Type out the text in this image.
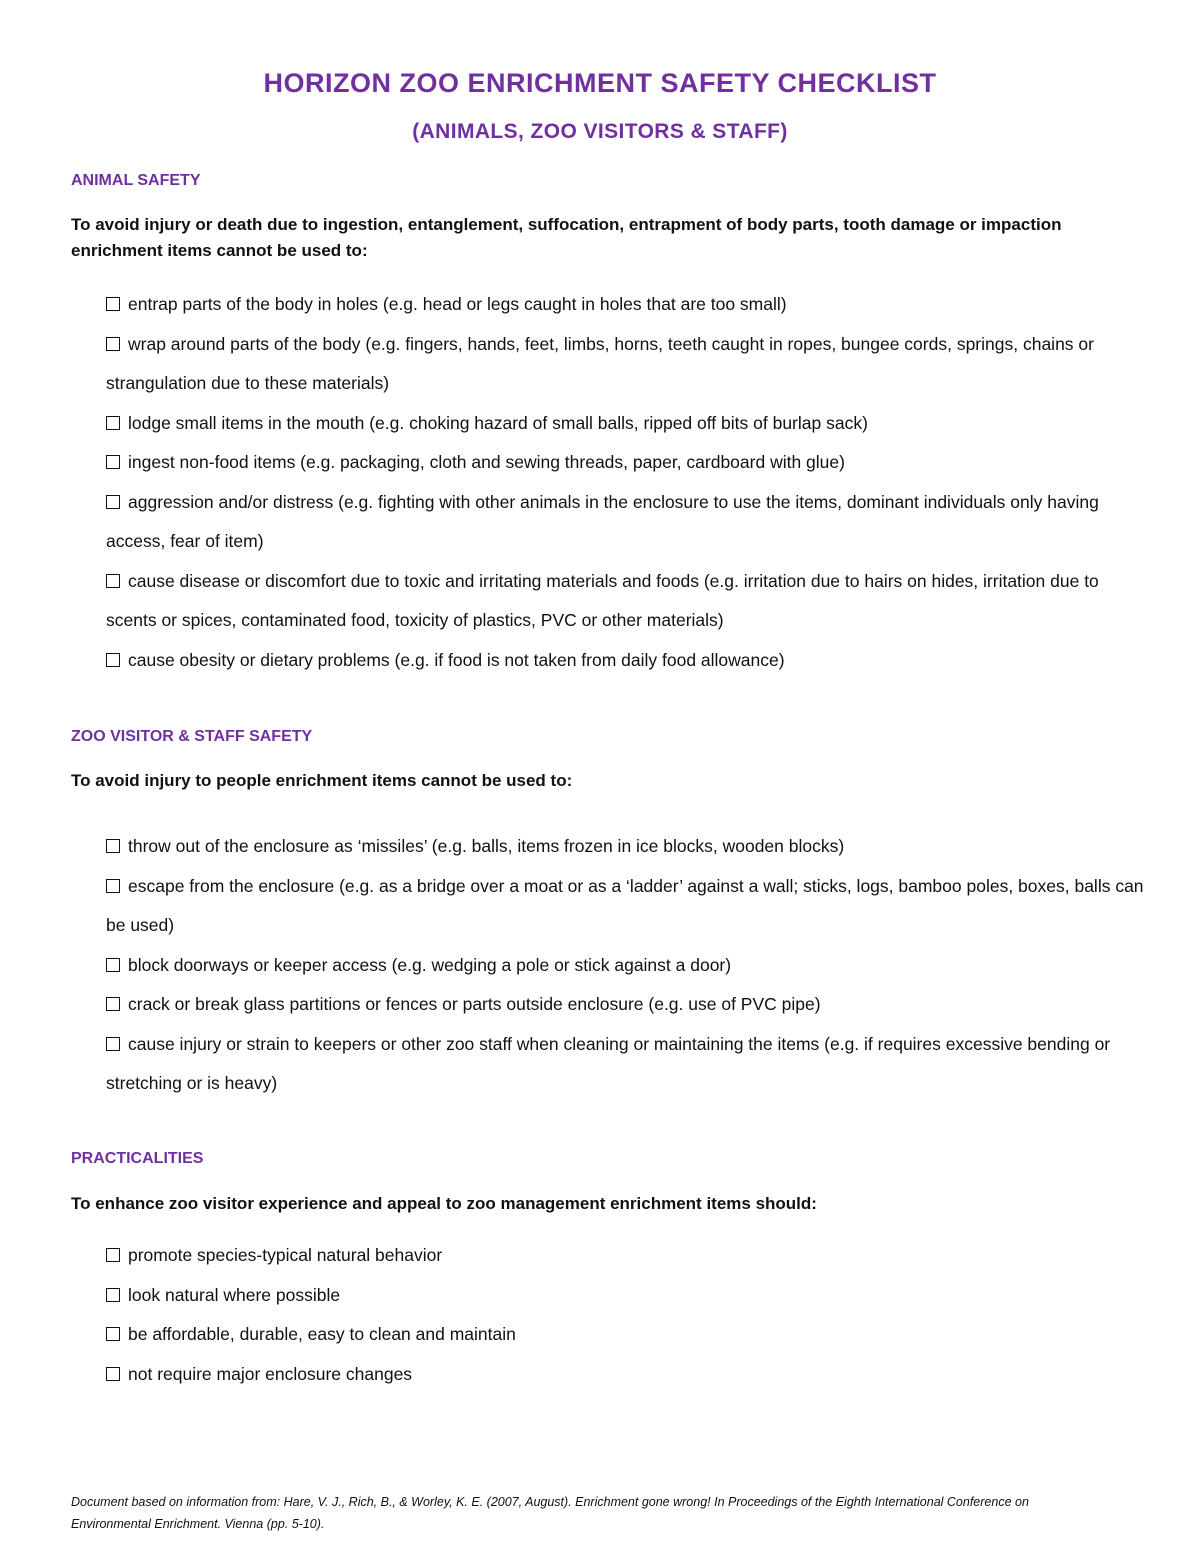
HORIZON ZOO ENRICHMENT SAFETY CHECKLIST
(ANIMALS, ZOO VISITORS & STAFF)
ANIMAL SAFETY
To avoid injury or death due to ingestion, entanglement, suffocation, entrapment of body parts, tooth damage or impaction enrichment items cannot be used to:
entrap parts of the body in holes (e.g. head or legs caught in holes that are too small)
wrap around parts of the body (e.g. fingers, hands, feet, limbs, horns, teeth caught in ropes, bungee cords, springs, chains or strangulation due to these materials)
lodge small items in the mouth (e.g. choking hazard of small balls, ripped off bits of burlap sack)
ingest non-food items (e.g. packaging, cloth and sewing threads, paper, cardboard with glue)
aggression and/or distress (e.g. fighting with other animals in the enclosure to use the items, dominant individuals only having access, fear of item)
cause disease or discomfort due to toxic and irritating materials and foods (e.g. irritation due to hairs on hides, irritation due to scents or spices, contaminated food, toxicity of plastics, PVC or other materials)
cause obesity or dietary problems (e.g. if food is not taken from daily food allowance)
ZOO VISITOR & STAFF SAFETY
To avoid injury to people enrichment items cannot be used to:
throw out of the enclosure as ‘missiles’ (e.g. balls, items frozen in ice blocks, wooden blocks)
escape from the enclosure (e.g. as a bridge over a moat or as a ‘ladder’ against a wall; sticks, logs, bamboo poles, boxes, balls can be used)
block doorways or keeper access (e.g. wedging a pole or stick against a door)
crack or break glass partitions or fences or parts outside enclosure (e.g. use of PVC pipe)
cause injury or strain to keepers or other zoo staff when cleaning or maintaining the items (e.g. if requires excessive bending or stretching or is heavy)
PRACTICALITIES
To enhance zoo visitor experience and appeal to zoo management enrichment items should:
promote species-typical natural behavior
look natural where possible
be affordable, durable, easy to clean and maintain
not require major enclosure changes
Document based on information from: Hare, V. J., Rich, B., & Worley, K. E. (2007, August). Enrichment gone wrong! In Proceedings of the Eighth International Conference on Environmental Enrichment. Vienna (pp. 5-10).
